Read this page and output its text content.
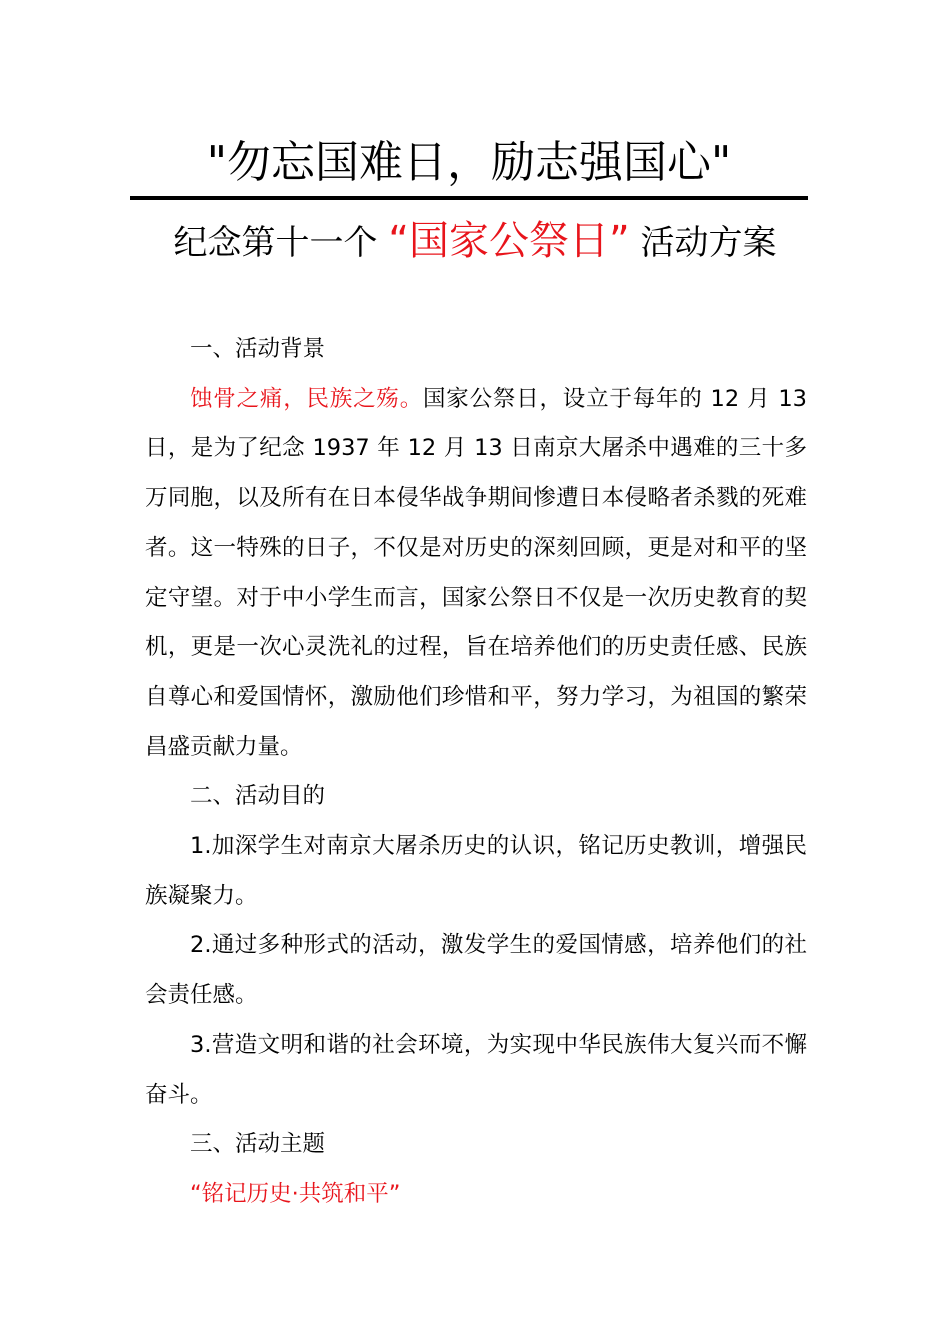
"勿忘国难日，励志强国心"

纪念第十一个 “国家公祭日” 活动方案

一、活动背景

蚀骨之痛，民族之殇。国家公祭日，设立于每年的 12 月 13 日，是为了纪念 1937 年 12 月 13 日南京大屠杀中遇难的三十多万同胞，以及所有在日本侵华战争期间惨遭日本侵略者杀戮的死难者。这一特殊的日子，不仅是对历史的深刻回顾，更是对和平的坚定守望。对于中小学生而言，国家公祭日不仅是一次历史教育的契机，更是一次心灵洗礼的过程，旨在培养他们的历史责任感、民族自尊心和爱国情怀，激励他们珍惜和平，努力学习，为祖国的繁荣昌盛贡献力量。

二、活动目的

1.加深学生对南京大屠杀历史的认识，铭记历史教训，增强民族凝聚力。

2.通过多种形式的活动，激发学生的爱国情感，培养他们的社会责任感。

3.营造文明和谐的社会环境，为实现中华民族伟大复兴而不懈奋斗。

三、活动主题

“铭记历史·共筑和平”
